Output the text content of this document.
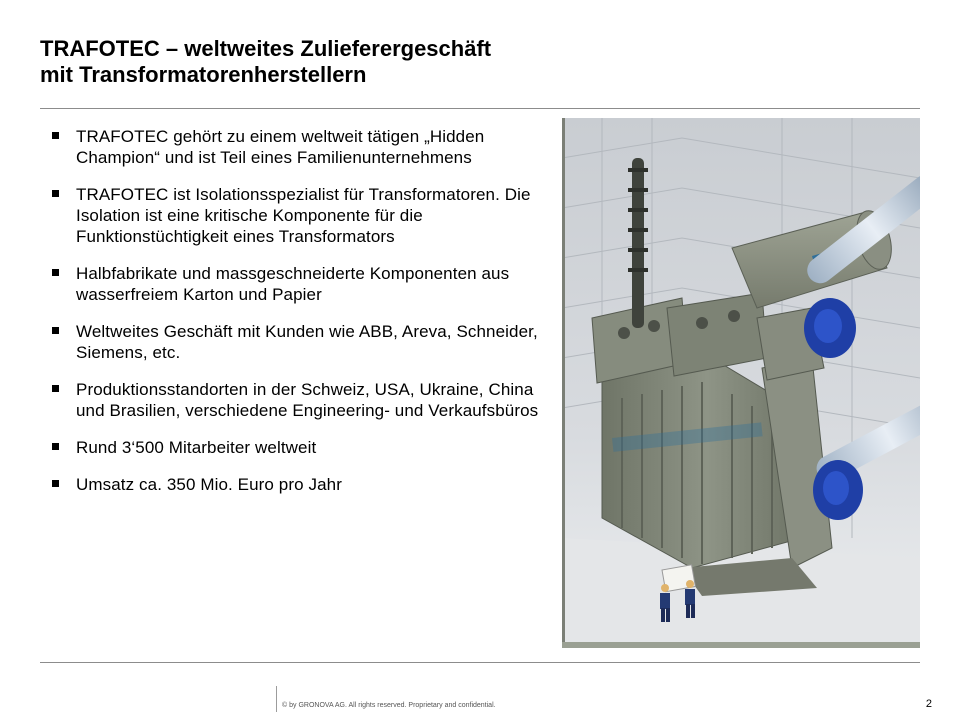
TRAFOTEC – weltweites Zulieferergeschäft
mit Transformatorenherstellern
TRAFOTEC gehört zu einem weltweit tätigen „Hidden Champion“ und ist Teil eines Familienunternehmens
TRAFOTEC ist Isolationsspezialist für Transformatoren. Die Isolation ist eine kritische Komponente für die Funktionstüchtigkeit eines Transformators
Halbfabrikate und massgeschneiderte Komponenten aus wasserfreiem Karton und Papier
Weltweites Geschäft mit Kunden wie ABB, Areva, Schneider, Siemens, etc.
Produktionsstandorten in der Schweiz, USA, Ukraine, China und Brasilien, verschiedene Engineering- und Verkaufsbüros
Rund 3‘500 Mitarbeiter weltweit
Umsatz ca. 350 Mio. Euro pro Jahr
© by GRONOVA AG. All rights reserved. Proprietary and confidential.	2
